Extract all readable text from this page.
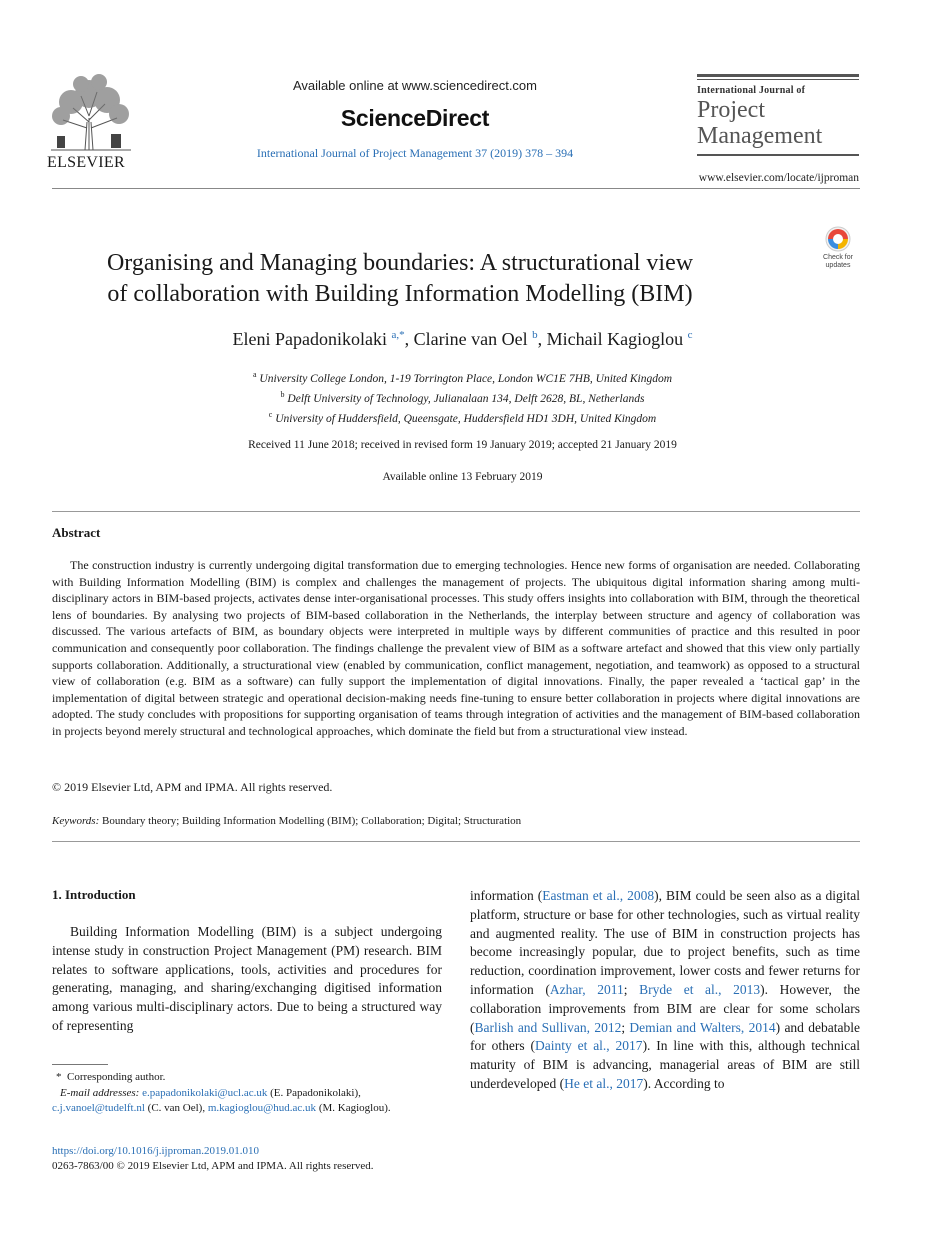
ELSEVIER
Available online at www.sciencedirect.com
ScienceDirect
International Journal of Project Management 37 (2019) 378 – 394
International Journal of
Project
Management
www.elsevier.com/locate/ijproman
Check for
updates
Organising and Managing boundaries: A structurational view
of collaboration with Building Information Modelling (BIM)
Eleni Papadonikolaki $^{a,*}$, Clarine van Oel $^b$, Michail Kagioglou $^c$
$^a$ University College London, 1-19 Torrington Place, London WC1E 7HB, United Kingdom
$^b$ Delft University of Technology, Julianalaan 134, Delft 2628, BL, Netherlands
$^c$ University of Huddersfield, Queensgate, Huddersfield HD1 3DH, United Kingdom
Received 11 June 2018; received in revised form 19 January 2019; accepted 21 January 2019
Available online 13 February 2019
Abstract
The construction industry is currently undergoing digital transformation due to emerging technologies. Hence new forms of organisation are needed. Collaborating with Building Information Modelling (BIM) is complex and challenges the management of projects. The ubiquitous digital information sharing among multi-disciplinary actors in BIM-based projects, activates dense inter-organisational processes. This study offers insights into collaboration with BIM, through the theoretical lens of boundaries. By analysing two projects of BIM-based collaboration in the Netherlands, the interplay between structure and agency of collaboration was discussed. The various artefacts of BIM, as boundary objects were interpreted in multiple ways by different communities of practice and this resulted in poor communication and consequently poor collaboration. The findings challenge the prevalent view of BIM as a software artefact and showed that this view only partially supports collaboration. Additionally, a structurational view (enabled by communication, conflict management, negotiation, and teamwork) as opposed to a structural view of collaboration (e.g. BIM as a software) can fully support the implementation of digital innovations. Finally, the paper revealed a ‘tactical gap’ in the implementation of digital between strategic and operational decision-making needs fine-tuning to ensure better collaboration in projects where digital innovations are adopted. The study concludes with propositions for supporting organisation of teams through integration of activities and the management of BIM-based collaboration in projects beyond merely structural and technological approaches, which dominate the field but from a structurational view instead.
© 2019 Elsevier Ltd, APM and IPMA. All rights reserved.
Keywords: Boundary theory; Building Information Modelling (BIM); Collaboration; Digital; Structuration
1. Introduction
Building Information Modelling (BIM) is a subject undergoing intense study in construction Project Management (PM) research. BIM relates to software applications, tools, activities and procedures for generating, managing, and sharing/exchanging digitised information among various multi-disciplinary actors. Due to being a structured way of representing
information (Eastman et al., 2008), BIM could be seen also as a digital platform, structure or base for other technologies, such as virtual reality and augmented reality. The use of BIM in construction projects has become increasingly popular, due to project benefits, such as time reduction, coordination improvement, lower costs and fewer returns for information (Azhar, 2011; Bryde et al., 2013). However, the collaboration improvements from BIM are clear for some scholars (Barlish and Sullivan, 2012; Demian and Walters, 2014) and debatable for others (Dainty et al., 2017). In line with this, although technical maturity of BIM is advancing, managerial areas of BIM are still underdeveloped (He et al., 2017). According to
* Corresponding author.
E-mail addresses: e.papadonikolaki@ucl.ac.uk (E. Papadonikolaki),
c.j.vanoel@tudelft.nl (C. van Oel), m.kagioglou@hud.ac.uk (M. Kagioglou).
https://doi.org/10.1016/j.ijproman.2019.01.010
0263-7863/00 © 2019 Elsevier Ltd, APM and IPMA. All rights reserved.
